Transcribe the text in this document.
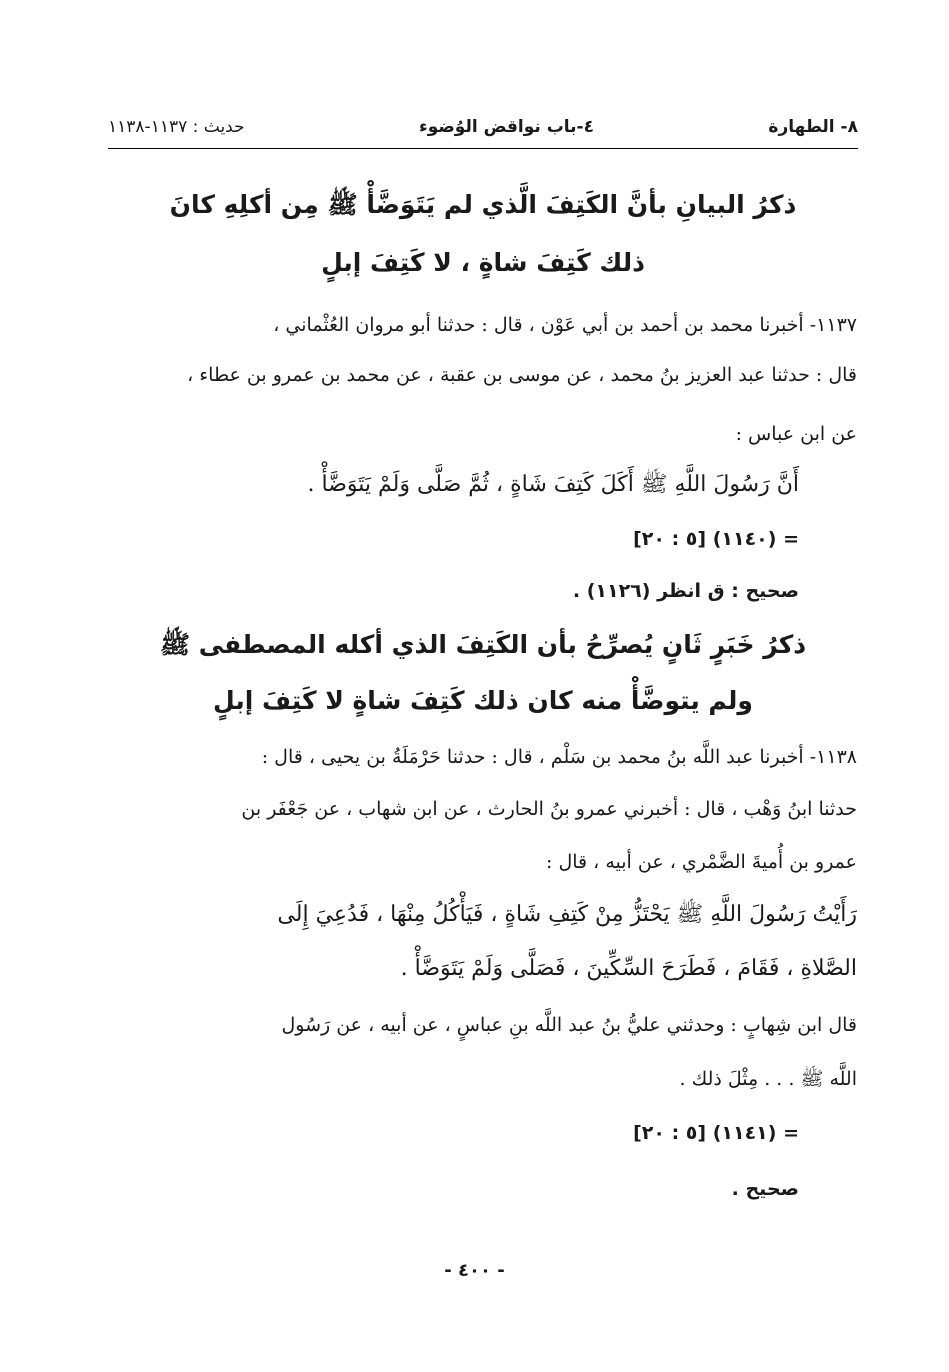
٨- الطهارة
٤-باب نواقض الوُضوء
حديث : ١١٣٧-١١٣٨
ذكرُ البيانِ بأنَّ الكَتِفَ الَّذي لم يَتَوَضَّأْ ﷺ مِن أكلِهِ كانَ
ذلك كَتِفَ شاةٍ ، لا كَتِفَ إبلٍ
١١٣٧- أخبرنا محمد بن أحمد بن أبي عَوْن ، قال : حدثنا أبو مروان العُثْماني ،
قال : حدثنا عبد العزيز بنُ محمد ، عن موسى بن عقبة ، عن محمد بن عمرو بن عطاء ،
عن ابن عباس :
أَنَّ رَسُولَ اللَّهِ ﷺ أَكَلَ كَتِفَ شَاةٍ ، ثُمَّ صَلَّى وَلَمْ يَتَوَضَّأْ .
= (١١٤٠) [٥ : ٢٠]
صحيح : ق انظر (١١٢٦) .
ذكرُ خَبَرٍ ثَانٍ يُصرِّحُ بأن الكَتِفَ الذي أكله المصطفى ﷺ
ولم يتوضَّأْ منه كان ذلك كَتِفَ شاةٍ لا كَتِفَ إبلٍ
١١٣٨- أخبرنا عبد اللَّه بنُ محمد بن سَلْم ، قال : حدثنا حَرْمَلَةُ بن يحيى ، قال :
حدثنا ابنُ وَهْب ، قال : أخبرني عمرو بنُ الحارث ، عن ابن شهاب ، عن جَعْفَر بن
عمرو بن أُميةَ الضَّمْري ، عن أبيه ، قال :
رَأَيْتُ رَسُولَ اللَّهِ ﷺ يَحْتَزُّ مِنْ كَتِفِ شَاةٍ ، فَيَأْكُلُ مِنْهَا ، فَدُعِيَ إِلَى
الصَّلاةِ ، فَقَامَ ، فَطَرَحَ السِّكِّينَ ، فَصَلَّى وَلَمْ يَتَوَضَّأْ .
قال ابن شِهابٍ : وحدثني عليُّ بنُ عبد اللَّه بنِ عباسٍ ، عن أبيه ، عن رَسُول
اللَّه ﷺ . . . مِثْلَ ذلك .
= (١١٤١) [٥ : ٢٠]
صحيح .
- ٤٠٠ -
